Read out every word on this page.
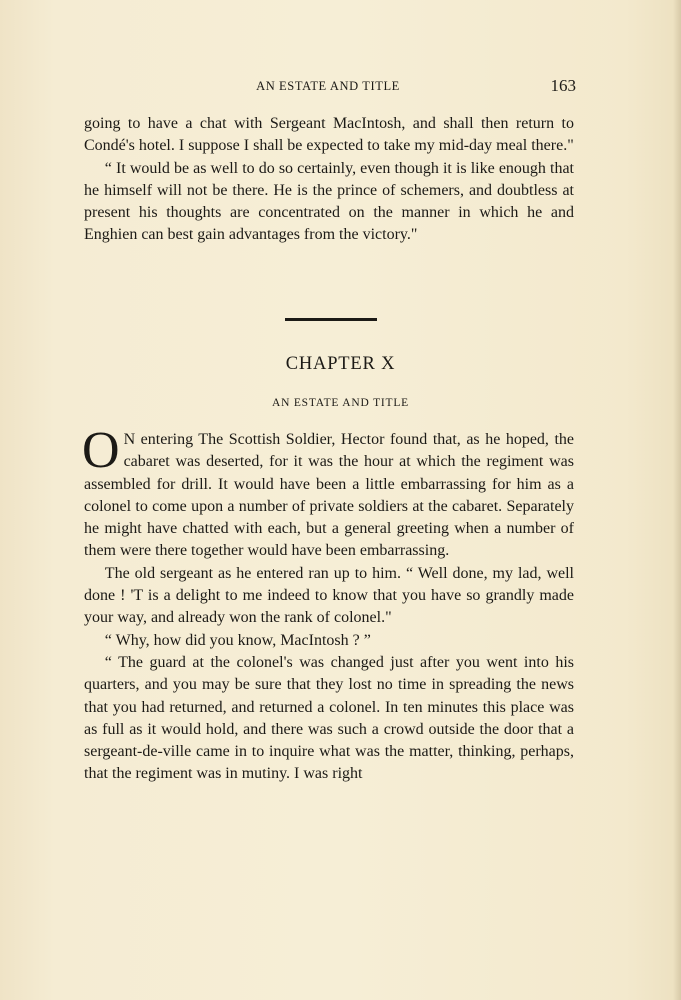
AN ESTATE AND TITLE	163

going to have a chat with Sergeant MacIntosh, and shall then return to Condé's hotel. I suppose I shall be expected to take my mid-day meal there."

“ It would be as well to do so certainly, even though it is like enough that he himself will not be there. He is the prince of schemers, and doubtless at present his thoughts are concentrated on the manner in which he and Enghien can best gain advantages from the victory."

CHAPTER X
AN ESTATE AND TITLE

O N entering The Scottish Soldier, Hector found that, as he hoped, the cabaret was deserted, for it was the hour at which the regiment was assembled for drill. It would have been a little embarrassing for him as a colonel to come upon a number of private soldiers at the cabaret. Separately he might have chatted with each, but a general greeting when a number of them were there together would have been embarrassing.

The old sergeant as he entered ran up to him. “ Well done, my lad, well done ! 'T is a delight to me indeed to know that you have so grandly made your way, and already won the rank of colonel."

“ Why, how did you know, MacIntosh ? ”

“ The guard at the colonel's was changed just after you went into his quarters, and you may be sure that they lost no time in spreading the news that you had returned, and returned a colonel. In ten minutes this place was as full as it would hold, and there was such a crowd outside the door that a sergeant-de-ville came in to inquire what was the matter, thinking, perhaps, that the regiment was in mutiny. I was right
